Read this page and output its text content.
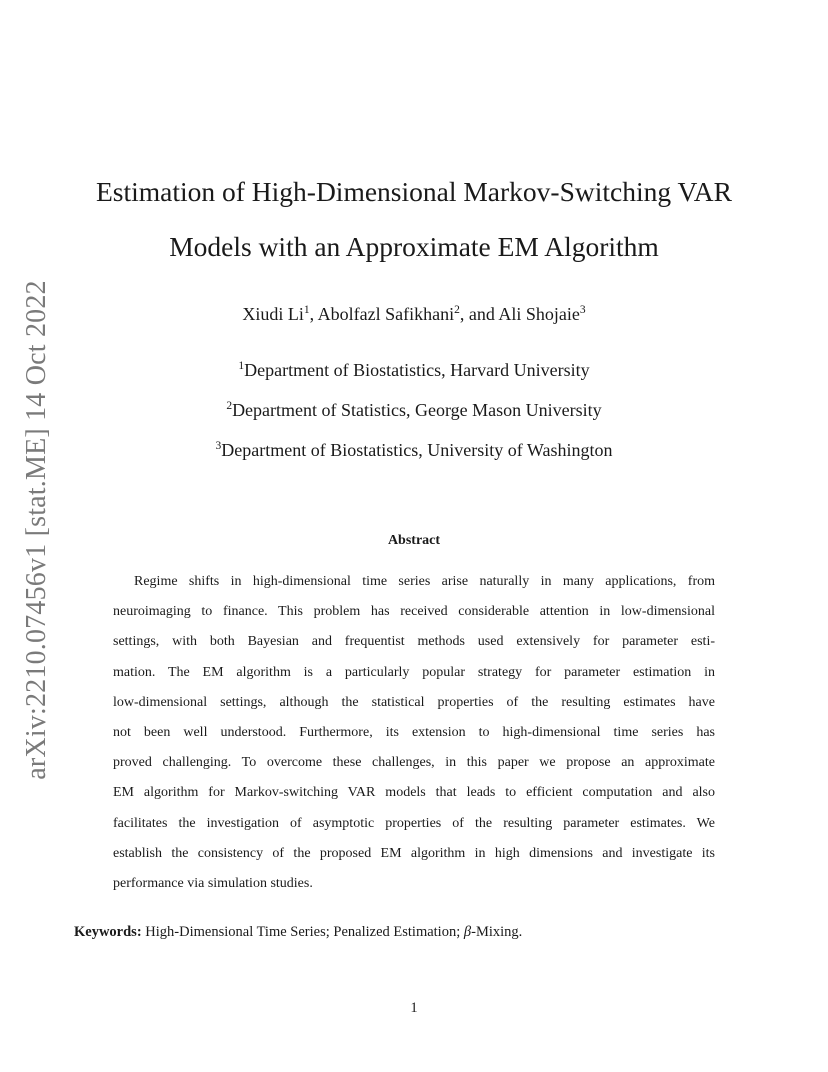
arXiv:2210.07456v1 [stat.ME] 14 Oct 2022
Estimation of High-Dimensional Markov-Switching VAR
Models with an Approximate EM Algorithm
Xiudi Li$^1$, Abolfazl Safikhani$^2$, and Ali Shojaie$^3$
$^1$Department of Biostatistics, Harvard University
$^2$Department of Statistics, George Mason University
$^3$Department of Biostatistics, University of Washington
Abstract
Regime shifts in high-dimensional time series arise naturally in many applications, from
neuroimaging to finance. This problem has received considerable attention in low-dimensional
settings, with both Bayesian and frequentist methods used extensively for parameter esti-
mation. The EM algorithm is a particularly popular strategy for parameter estimation in
low-dimensional settings, although the statistical properties of the resulting estimates have
not been well understood. Furthermore, its extension to high-dimensional time series has
proved challenging. To overcome these challenges, in this paper we propose an approximate
EM algorithm for Markov-switching VAR models that leads to efficient computation and also
facilitates the investigation of asymptotic properties of the resulting parameter estimates. We
establish the consistency of the proposed EM algorithm in high dimensions and investigate its
performance via simulation studies.
Keywords: High-Dimensional Time Series; Penalized Estimation; β-Mixing.
1
